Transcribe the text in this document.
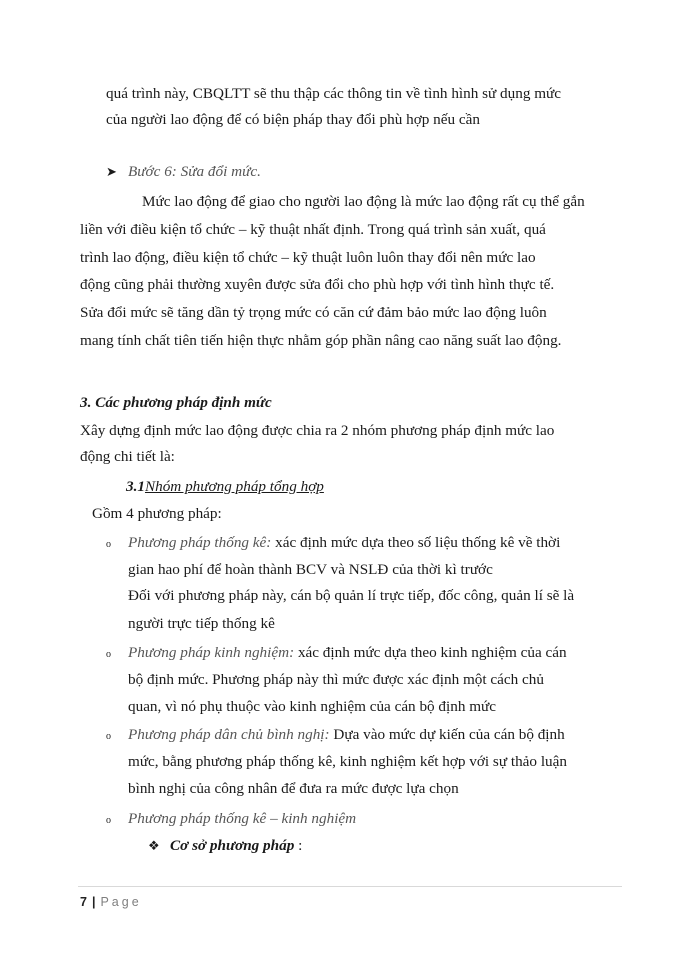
quá trình này, CBQLTT sẽ thu thập các thông tin về tình hình sử dụng mức
của người lao động để có biện pháp thay đổi phù hợp nếu cần
➤ Bước 6: Sửa đổi mức.
Mức lao động để giao cho người lao động là mức lao động rất cụ thể gắn
liền với điều kiện tổ chức – kỹ thuật nhất định. Trong quá trình sản xuất, quá
trình lao động, điều kiện tổ chức – kỹ thuật luôn luôn thay đổi nên mức lao
động cũng phải thường xuyên được sửa đổi cho phù hợp với tình hình thực tế.
Sửa đổi mức sẽ tăng dần tỷ trọng mức có căn cứ đảm bảo mức lao động luôn
mang tính chất tiên tiến hiện thực nhằm góp phần nâng cao năng suất lao động.
3. Các phương pháp định mức
Xây dựng định mức lao động được chia ra 2 nhóm phương pháp định mức lao
động chi tiết là:
3.1Nhóm phương pháp tổng hợp
Gồm 4 phương pháp:
o Phương pháp thống kê: xác định mức dựa theo số liệu thống kê về thời
gian hao phí để hoàn thành BCV và NSLĐ của thời kì trước
Đối với phương pháp này, cán bộ quản lí trực tiếp, đốc công, quản lí sẽ là
người trực tiếp thống kê
o Phương pháp kinh nghiệm: xác định mức dựa theo kinh nghiệm của cán
bộ định mức. Phương pháp này thì mức được xác định một cách chủ
quan, vì nó phụ thuộc vào kinh nghiệm của cán bộ định mức
o Phương pháp dân chủ bình nghị: Dựa vào mức dự kiến của cán bộ định
mức, bằng phương pháp thống kê, kinh nghiệm kết hợp với sự thảo luận
bình nghị của công nhân để đưa ra mức được lựa chọn
o Phương pháp thống kê – kinh nghiệm
❖ Cơ sở phương pháp :
7 | Page
